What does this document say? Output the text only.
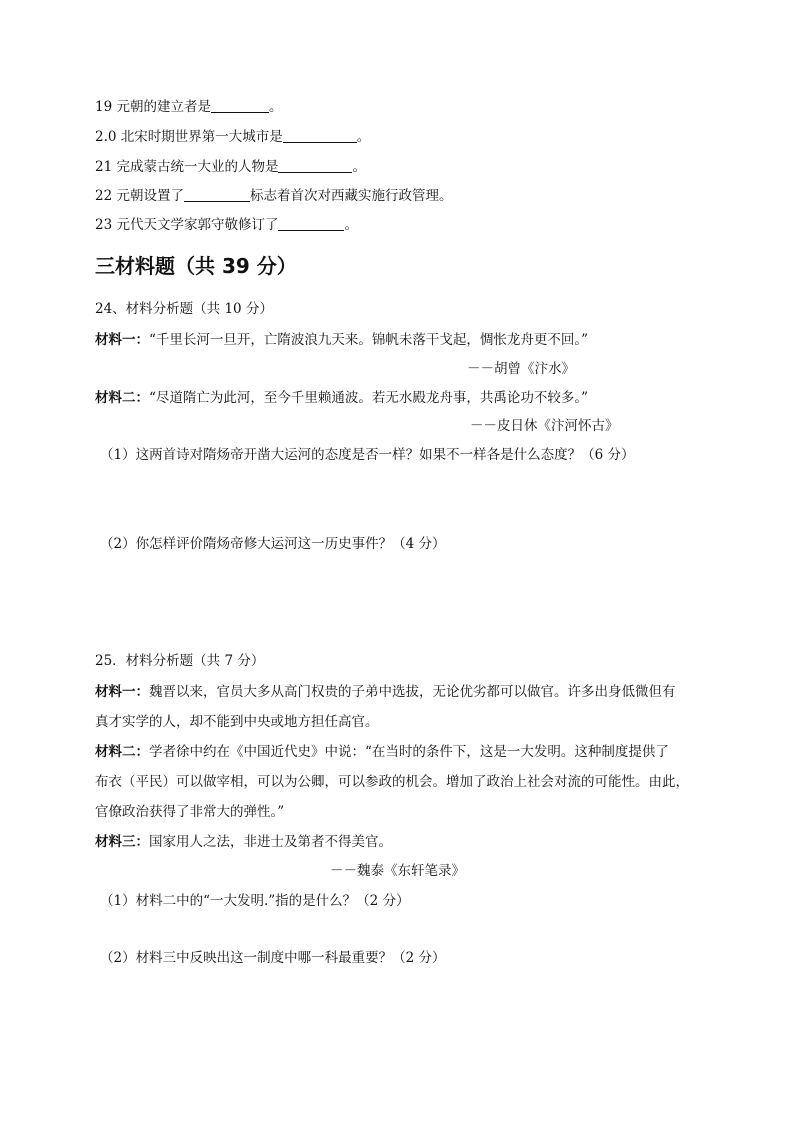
19 元朝的建立者是	。
2.0 北宋时期世界第一大城市是	。
21 完成蒙古统一大业的人物是	。
22 元朝设置了	标志着首次对西藏实施行政管理。
23 元代天文学家郭守敬修订了	。
三材料题（共 39 分）
24、材料分析题（共 10 分）
材料一：“千里长河一旦开，亡隋波浪九天来。锦帆未落干戈起，惆怅龙舟更不回。”
－－胡曾《汴水》
材料二：“尽道隋亡为此河，至今千里赖通波。若无水殿龙舟事，共禹论功不较多。”
－－皮日休《汴河怀古》
（1）这两首诗对隋炀帝开凿大运河的态度是否一样？如果不一样各是什么态度？（6 分）
（2）你怎样评价隋炀帝修大运河这一历史事件？（4 分）
25．材料分析题（共 7 分）
材料一：魏晋以来，官员大多从高门权贵的子弟中选拔，无论优劣都可以做官。许多出身低微但有
真才实学的人，却不能到中央或地方担任高官。
材料二：学者徐中约在《中国近代史》中说：“在当时的条件下，这是一大发明。这种制度提供了
布衣（平民）可以做宰相，可以为公卿，可以参政的机会。增加了政治上社会对流的可能性。由此，
官僚政治获得了非常大的弹性。”
材料三：国家用人之法，非进士及第者不得美官。
－－魏泰《东轩笔录》
（1）材料二中的“一大发明.”指的是什么？（2 分）
（2）材料三中反映出这一制度中哪一科最重要？（2 分）
